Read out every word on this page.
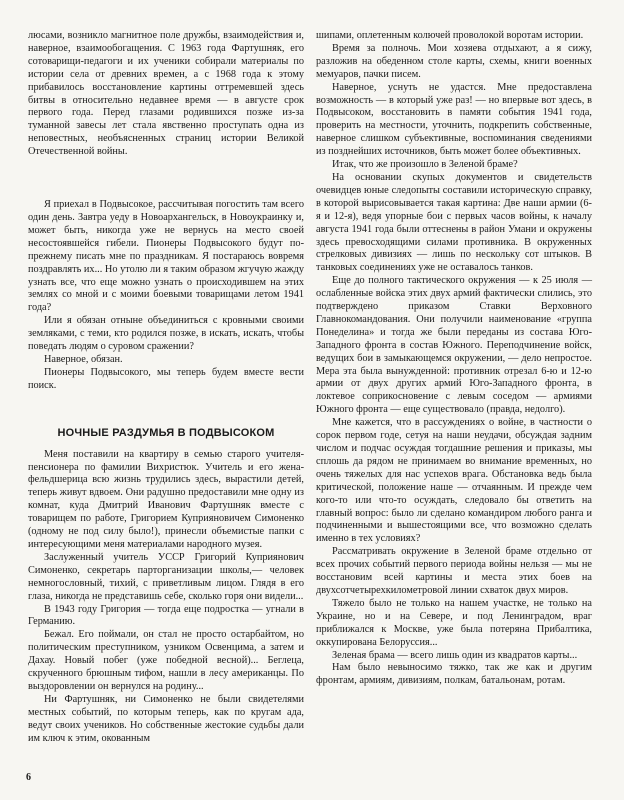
люсами, возникло магнитное поле дружбы, взаимодействия и, наверное, взаимообогащения. С 1963 года Фартушняк, его сотоварищи-педагоги и их ученики собирали материалы по истории села от древних времен, а с 1968 года к этому прибавилось восстановление картины оттремевшей здесь битвы в относительно недавнее время — в августе срок первого года. Перед глазами родившихся позже из-за туманной завесы лет стала явственно проступать одна из неповестных, необъясненных страниц истории Великой Отечественной войны.

Я приехал в Подвысокое, рассчитывая погостить там всего один день. Завтра уеду в Новоархангельск, в Новоукраинку и, может быть, никогда уже не вернусь на место своей несостоявшейся гибели. Пионеры Подвысокого будут по-прежнему писать мне по праздникам. Я постараюсь вовремя поздравлять их... Но утолю ли я таким образом жгучую жажду узнать все, что еще можно узнать о происходившем на этих землях со мной и с моими боевыми товарищами летом 1941 года?

Или я обязан отныне объединиться с кровными своими земляками, с теми, кто родился позже, в искать, искать, чтобы поведать людям о суровом сражении?

Наверное, обязан.

Пионеры Подвысокого, мы теперь будем вместе вести поиск.

НОЧНЫЕ РАЗДУМЬЯ В ПОДВЫСОКОМ

Меня поставили на квартиру в семью старого учителя-пенсионера по фамилии Вихристюк. Учитель и его жена-фельдшерица всю жизнь трудились здесь, вырастили детей, теперь живут вдвоем. Они радушно предоставили мне одну из комнат, куда Дмитрий Иванович Фартушняк вместе с товарищем по работе, Григорием Куприяновичем Симоненко (одному не под силу было!), принесли объемистые папки с интересующими меня материалами народного музея.

Заслуженный учитель УССР Григорий Куприянович Симоненко, секретарь парторганизации школы,— человек немногословный, тихий, с приветливым лицом. Глядя в его глаза, никогда не представишь себе, сколько горя они видели...

В 1943 году Григория — тогда еще подростка — угнали в Германию.

Бежал. Его поймали, он стал не просто остарбайтом, но политическим преступником, узником Освенцима, а затем и Дахау. Новый побег (уже победной весной)... Беглеца, скрученного брюшным тифом, нашли в лесу американцы. По выздоровлении он вернулся на родину...

Ни Фартушняк, ни Симоненко не были свидетелями местных событий, по которым теперь, как по кругам ада, ведут своих учеников. Но собственные жестокие судьбы дали им ключ к этим, окованным

шипами, оплетенным колючей проволокой воротам истории.

Время за полночь. Мои хозяева отдыхают, а я сижу, разложив на обеденном столе карты, схемы, книги военных мемуаров, пачки писем.

Наверное, уснуть не удастся. Мне предоставлена возможность — в который уже раз! — но впервые вот здесь, в Подвысоком, восстановить в памяти события 1941 года, проверить на местности, уточнить, подкрепить собственные, наверное слишком субъективные, воспоминания сведениями из позднейших источников, быть может более объективных.

Итак, что же произошло в Зеленой браме?

На основании скупых документов и свидетельств очевидцев юные следопыты составили историческую справку, в которой вырисовывается такая картина: Две наши армии (6-я и 12-я), ведя упорные бои с первых часов войны, к началу августа 1941 года были оттеснены в район Умани и окружены здесь превосходящими силами противника. В окруженных стрелковых дивизиях — лишь по нескольку сот штыков. В танковых соединениях уже не оставалось танков.

Еще до полного тактического окружения — к 25 июля — ослабленные войска этих двух армий фактически слились, это подтверждено приказом Ставки Верховного Главнокомандования. Они получили наименование «группа Понеделина» и тогда же были переданы из состава Юго-Западного фронта в состав Южного. Переподчинение войск, ведущих бои в замыкающемся окружении, — дело непростое. Мера эта была вынужденной: противник отрезал 6-ю и 12-ю армии от двух других армий Юго-Западного фронта, в локтевое соприкосновение с левым соседом — армиями Южного фронта — еще существовало (правда, недолго).

Мне кажется, что в рассуждениях о войне, в частности о сорок первом годе, сетуя на наши неудачи, обсуждая задним числом и подчас осуждая тогдашние решения и приказы, мы сплошь да рядом не принимаем во внимание временных, но очень тяжелых для нас успехов врага. Обстановка ведь была критической, положение наше — отчаянным. И прежде чем кого-то или что-то осуждать, следовало бы ответить на главный вопрос: было ли сделано командиром любого ранга и подчиненными и вышестоящими все, что возможно сделать именно в тех условиях?

Рассматривать окружение в Зеленой браме отдельно от всех прочих событий первого периода войны нельзя — мы не восстановим всей картины и места этих боев на двухсотчетырехкилометровой линии схваток двух миров.

Тяжело было не только на нашем участке, не только на Украине, но и на Севере, и под Ленинградом, враг приближался к Москве, уже была потеряна Прибалтика, оккупирована Белоруссия...

Зеленая брама — всего лишь один из квадратов карты...

Нам было невыносимо тяжко, так же как и другим фронтам, армиям, дивизиям, полкам, батальонам, ротам.

6
